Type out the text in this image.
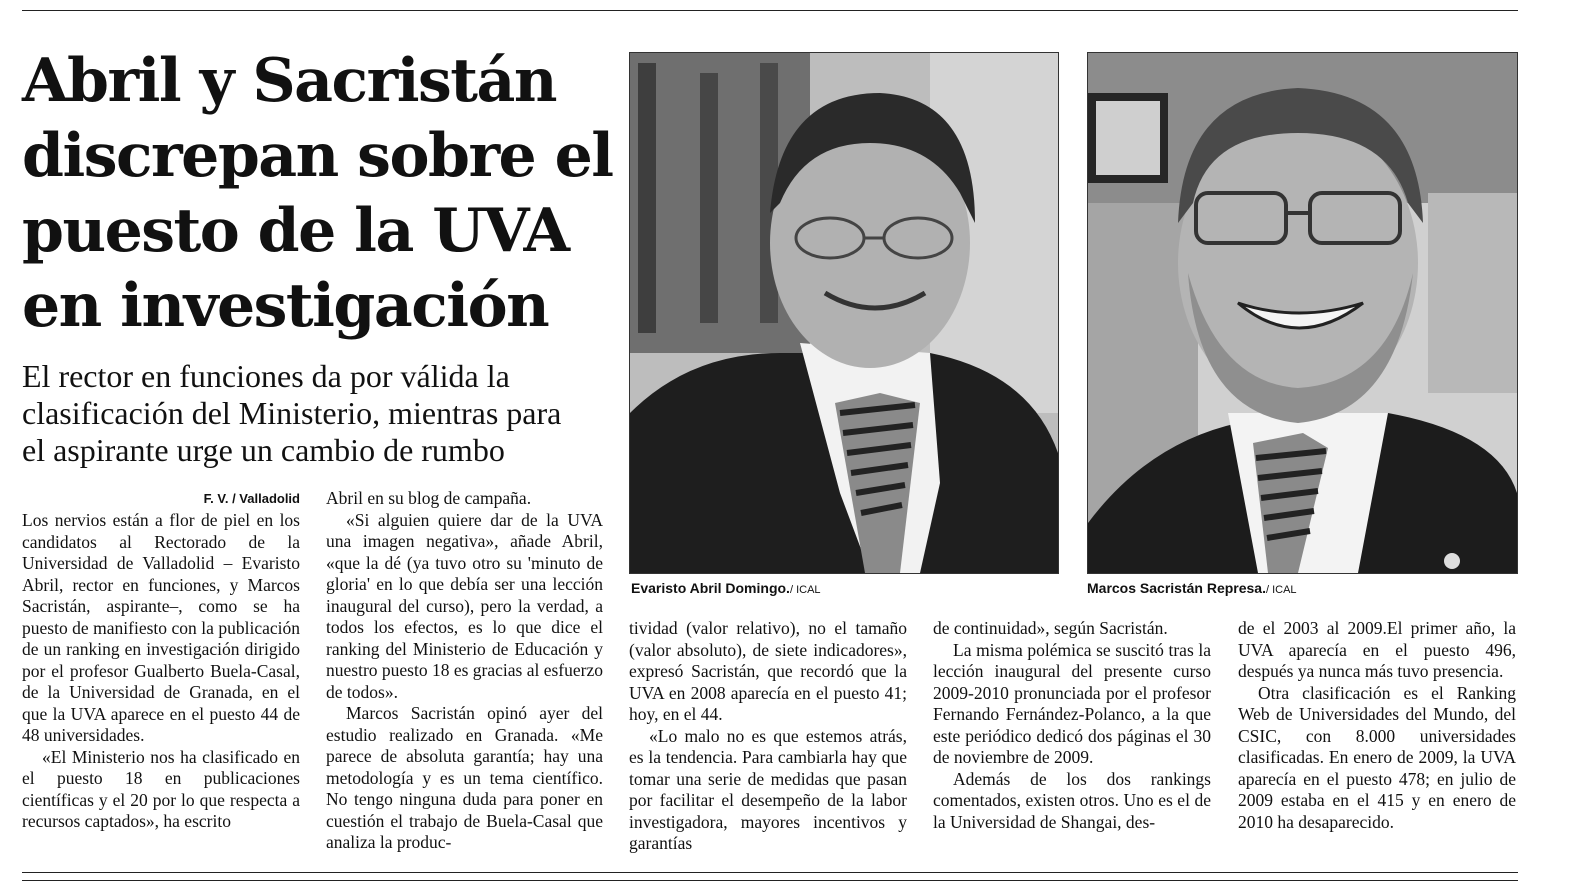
Abril y Sacristán
discrepan sobre el
puesto de la UVA
en investigación

El rector en funciones da por válida la
clasificación del Ministerio, mientras para
el aspirante urge un cambio de rumbo

Evaristo Abril Domingo./ ICAL	Marcos Sacristán Represa./ ICAL
F. V. / Valladolid

Los nervios están a flor de piel en los candidatos al Rectorado de la Universidad de Valladolid – Evaristo Abril, rector en funciones, y Marcos Sacristán, aspirante–, como se ha puesto de manifiesto con la publicación de un ranking en investigación dirigido por el profesor Gualberto Buela-Casal, de la Universidad de Granada, en el que la UVA aparece en el puesto 44 de 48 universidades.

«El Ministerio nos ha clasificado en el puesto 18 en publicaciones científicas y el 20 por lo que respecta a recursos captados», ha escrito

Abril en su blog de campaña.

«Si alguien quiere dar de la UVA una imagen negativa», añade Abril, «que la dé (ya tuvo otro su 'minuto de gloria' en lo que debía ser una lección inaugural del curso), pero la verdad, a todos los efectos, es lo que dice el ranking del Ministerio de Educación y nuestro puesto 18 es gracias al esfuerzo de todos».

Marcos Sacristán opinó ayer del estudio realizado en Granada. «Me parece de absoluta garantía; hay una metodología y es un tema científico. No tengo ninguna duda para poner en cuestión el trabajo de Buela-Casal que analiza la produc-

tividad (valor relativo), no el tamaño (valor absoluto), de siete indicadores», expresó Sacristán, que recordó que la UVA en 2008 aparecía en el puesto 41; hoy, en el 44.

«Lo malo no es que estemos atrás, es la tendencia. Para cambiarla hay que tomar una serie de medidas que pasan por facilitar el desempeño de la labor investigadora, mayores incentivos y garantías

de continuidad», según Sacristán.

La misma polémica se suscitó tras la lección inaugural del presente curso 2009-2010 pronunciada por el profesor Fernando Fernández-Polanco, a la que este periódico dedicó dos páginas el 30 de noviembre de 2009.

Además de los dos rankings comentados, existen otros. Uno es el de la Universidad de Shangai, des-

de el 2003 al 2009.El primer año, la UVA aparecía en el puesto 496, después ya nunca más tuvo presencia.

Otra clasificación es el Ranking Web de Universidades del Mundo, del CSIC, con 8.000 universidades clasificadas. En enero de 2009, la UVA aparecía en el puesto 478; en julio de 2009 estaba en el 415 y en enero de 2010 ha desaparecido.
